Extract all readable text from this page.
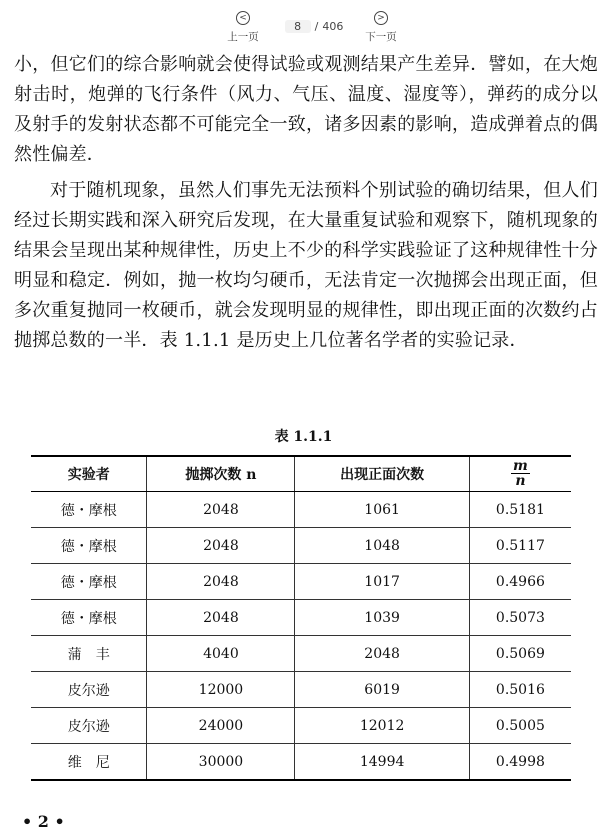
<
上一页
8 / 406
>
下一页

小，但它们的综合影响就会使得试验或观测结果产生差异．譬如，在大炮射击时，炮弹的飞行条件（风力、气压、温度、湿度等），弹药的成分以及射手的发射状态都不可能完全一致，诸多因素的影响，造成弹着点的偶然性偏差．

对于随机现象，虽然人们事先无法预料个别试验的确切结果，但人们经过长期实践和深入研究后发现，在大量重复试验和观察下，随机现象的结果会呈现出某种规律性，历史上不少的科学实践验证了这种规律性十分明显和稳定．例如，抛一枚均匀硬币，无法肯定一次抛掷会出现正面，但多次重复抛同一枚硬币，就会发现明显的规律性，即出现正面的次数约占抛掷总数的一半．表 1.1.1 是历史上几位著名学者的实验记录．

表 1.1.1
实验者	抛掷次数 n	出现正面次数	$\frac{m}{n}$

德・摩根	2048	1061	0.5181
德・摩根	2048	1048	0.5117
德・摩根	2048	1017	0.4966
德・摩根	2048	1039	0.5073
蒲　丰	4040	2048	0.5069
皮尔逊	12000	6019	0.5016
皮尔逊	24000	12012	0.5005
维　尼	30000	14994	0.4998
• 2 •
